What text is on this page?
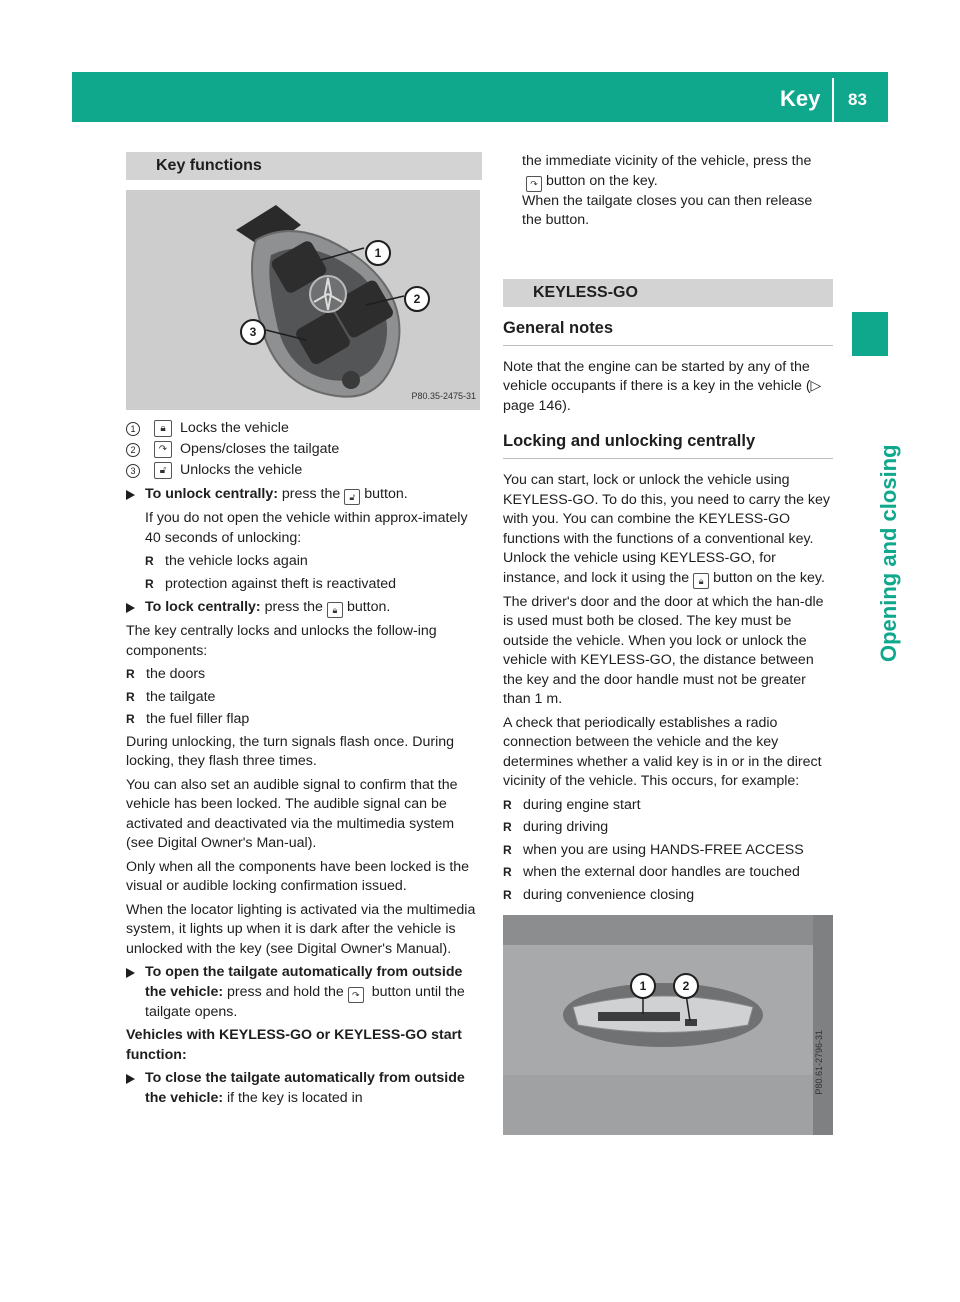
Key 83
Opening and closing
Key functions
1
2
3
P80.35-2475-31
1	🔒︎	Locks the vehicle
2	↷ Opens/closes the tailgate
3	🔓︎ Unlocks the vehicle
To unlock centrally: press the 🔓︎ button.

If you do not open the vehicle within approx-imately 40 seconds of unlocking:

R the vehicle locks again
R protection against theft is reactivated
To lock centrally: press the 🔒︎ button.

The key centrally locks and unlocks the follow-ing components:

R the doors
R the tailgate
R the fuel filler flap

During unlocking, the turn signals flash once. During locking, they flash three times.

You can also set an audible signal to confirm that the vehicle has been locked. The audible signal can be activated and deactivated via the multimedia system (see Digital Owner's Man-ual).

Only when all the components have been locked is the visual or audible locking confirmation issued.

When the locator lighting is activated via the multimedia system, it lights up when it is dark after the vehicle is unlocked with the key (see Digital Owner's Manual).

To open the tailgate automatically from outside the vehicle: press and hold the ↷ button until the tailgate opens.
Vehicles with KEYLESS-GO or KEYLESS-GO start function:
To close the tailgate automatically from outside the vehicle: if the key is located in

the immediate vicinity of the vehicle, press the↷ button on the key.

When the tailgate closes you can then release the button.

KEYLESS-GO
General notes

Note that the engine can be started by any of the vehicle occupants if there is a key in the vehicle (▷ page 146).

Locking and unlocking centrally

You can start, lock or unlock the vehicle using KEYLESS-GO. To do this, you need to carry the key with you. You can combine the KEYLESS-GO functions with the functions of a conventional key. Unlock the vehicle using KEYLESS-GO, for instance, and lock it using the 🔒︎ button on the key.

The driver's door and the door at which the han-dle is used must both be closed. The key must be outside the vehicle. When you lock or unlock the vehicle with KEYLESS-GO, the distance between the key and the door handle must not be greater than 1 m.

A check that periodically establishes a radio connection between the vehicle and the key determines whether a valid key is in or in the direct vicinity of the vehicle. This occurs, for example:

R during engine start
R during driving
R when you are using HANDS-FREE ACCESS
R when the external door handles are touched
R during convenience closing
1	2
P80.61-2796-31
